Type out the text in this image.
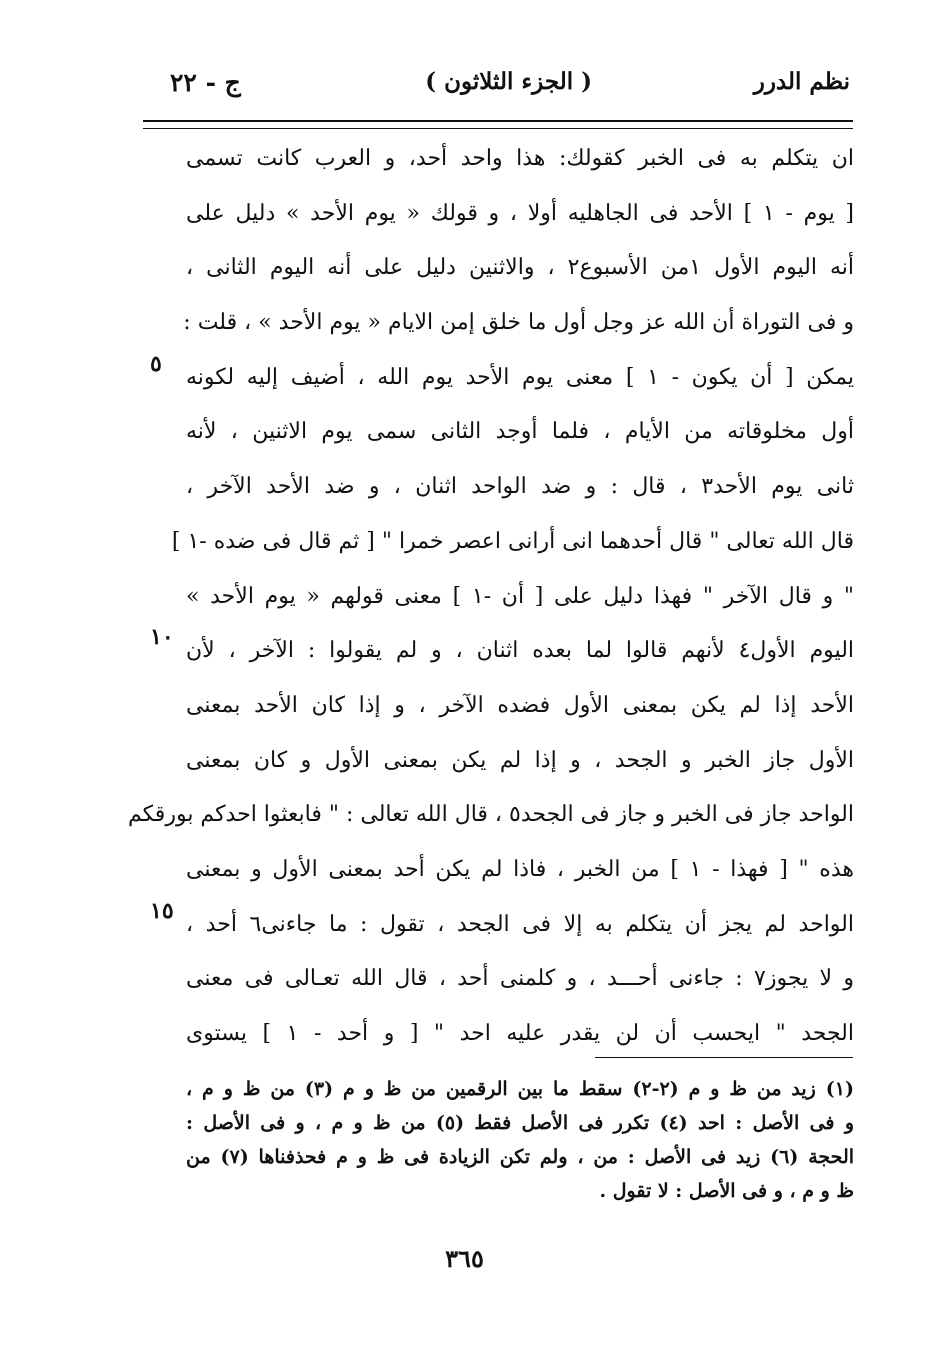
نظم الدرر
( الجزء الثلاثون )
ج - ٢٢
ان يتكلم به فى الخبر كقولك: هذا واحد أحد، و العرب كانت تسمى
[ يوم - ١ ] الأحد فى الجاهليه أولا ، و قولك « يوم الأحد » دليل على
أنه اليوم الأول ١من الأسبوع٢ ، والاثنين دليل على أنه اليوم الثانى ،
و فى التوراة أن الله عز وجل أول ما خلق إمن الايام « يوم الأحد » ، قلت :
يمكن [ أن يكون - ١ ] معنى يوم الأحد يوم الله ، أضيف إليه لكونه
أول مخلوقاته من الأيام ، فلما أوجد الثانى سمى يوم الاثنين ، لأنه
ثانى يوم الأحد٣ ، قال : و ضد الواحد اثنان ، و ضد الأحد الآخر ،
قال الله تعالى " قال أحدهما انى أرانى اعصر خمرا " [ ثم قال فى ضده -١ ]
" و قال الآخر " فهذا دليل على [ أن -١ ] معنى قولهم « يوم الأحد »
اليوم الأول٤ لأنهم قالوا لما بعده اثنان ، و لم يقولوا : الآخر ، لأن
الأحد إذا لم يكن بمعنى الأول فضده الآخر ، و إذا كان الأحد بمعنى
الأول جاز الخبر و الجحد ، و إذا لم يكن بمعنى الأول و كان بمعنى
الواحد جاز فى الخبر و جاز فى الجحد٥ ، قال الله تعالى : " فابعثوا احدكم بورقكم
هذه " [ فهذا - ١ ] من الخبر ، فاذا لم يكن أحد بمعنى الأول و بمعنى
الواحد لم يجز أن يتكلم به إلا فى الجحد ، تقول : ما جاءنى٦ أحد ،
و لا يجوز٧ : جاءنى أحـــد ، و كلمنى أحد ، قال الله تعـالى فى معنى
الجحد " ايحسب أن لن يقدر عليه احد " [ و أحد - ١ ] يستوى
٥
١٠
١٥
(١) زيد من ظ و م (٢-٢) سقط ما بين الرقمين من ظ و م (٣) من ظ و م ،
و فى الأصل : احد (٤) تكرر فى الأصل فقط (٥) من ظ و م ، و فى الأصل :
الحجة (٦) زيد فى الأصل : من ، ولم تكن الزيادة فى ظ و م فحذفناها (٧) من
ظ و م ، و فى الأصل : لا تقول .
٣٦٥
